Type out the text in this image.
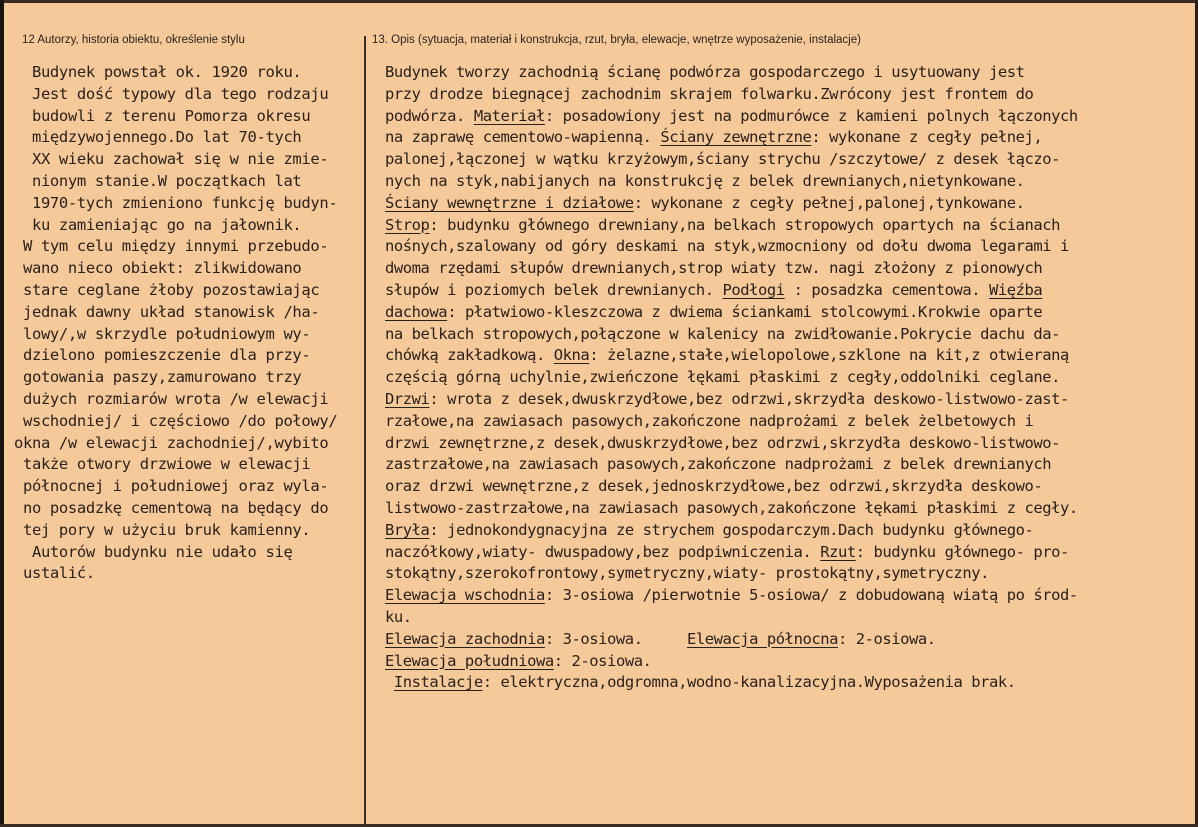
12 Autorzy, historia obiektu, określenie stylu	13. Opis (sytuacja, materiał i konstrukcja, rzut, bryła, elewacje, wnętrze wyposażenie, instalacje)
Budynek powstał ok. 1920 roku.
Jest dość typowy dla tego rodzaju
budowli z terenu Pomorza okresu
międzywojennego.Do lat 70-tych
XX wieku zachował się w nie zmie-
nionym stanie.W początkach lat
1970-tych zmieniono funkcję budyn-
ku zamieniając go na jałownik.
W tym celu między innymi przebudo-
wano nieco obiekt: zlikwidowano
stare ceglane żłoby pozostawiając
jednak dawny układ stanowisk /ha-
lowy/,w skrzydle południowym wy-
dzielono pomieszczenie dla przy-
gotowania paszy,zamurowano trzy
dużych rozmiarów wrota /w elewacji
wschodniej/ i częściowo /do połowy/
okna /w elewacji zachodniej/,wybito
także otwory drzwiowe w elewacji
północnej i południowej oraz wyla-
no posadzkę cementową na będący do
tej pory w użyciu bruk kamienny.
Autorów budynku nie udało się
ustalić.
Budynek tworzy zachodnią ścianę podwórza gospodarczego i usytuowany jest
przy drodze biegnącej zachodnim skrajem folwarku.Zwrócony jest frontem do
podwórza. Materiał: posadowiony jest na podmurówce z kamieni polnych łączonych
na zaprawę cementowo-wapienną. Ściany zewnętrzne: wykonane z cegły pełnej,
palonej,łączonej w wątku krzyżowym,ściany strychu /szczytowe/ z desek łączo-
nych na styk,nabijanych na konstrukcję z belek drewnianych,nietynkowane.
Ściany wewnętrzne i działowe: wykonane z cegły pełnej,palonej,tynkowane.
Strop: budynku głównego drewniany,na belkach stropowych opartych na ścianach
nośnych,szalowany od góry deskami na styk,wzmocniony od dołu dwoma legarami i
dwoma rzędami słupów drewnianych,strop wiaty tzw. nagi złożony z pionowych
słupów i poziomych belek drewnianych. Podłogi : posadzka cementowa. Więźba
dachowa: płatwiowo-kleszczowa z dwiema ściankami stolcowymi.Krokwie oparte
na belkach stropowych,połączone w kalenicy na zwidłowanie.Pokrycie dachu da-
chówką zakładkową. Okna: żelazne,stałe,wielopolowe,szklone na kit,z otwieraną
częścią górną uchylnie,zwieńczone łękami płaskimi z cegły,oddolniki ceglane.
Drzwi: wrota z desek,dwuskrzydłowe,bez odrzwi,skrzydła deskowo-listwowo-zast-
rzałowe,na zawiasach pasowych,zakończone nadprożami z belek żelbetowych i
drzwi zewnętrzne,z desek,dwuskrzydłowe,bez odrzwi,skrzydła deskowo-listwowo-
zastrzałowe,na zawiasach pasowych,zakończone nadprożami z belek drewnianych
oraz drzwi wewnętrzne,z desek,jednoskrzydłowe,bez odrzwi,skrzydła deskowo-
listwowo-zastrzałowe,na zawiasach pasowych,zakończone łękami płaskimi z cegły.
Bryła: jednokondygnacyjna ze strychem gospodarczym.Dach budynku głównego-
naczółkowy,wiaty- dwuspadowy,bez podpiwniczenia. Rzut: budynku głównego- pro-
stokątny,szerokofrontowy,symetryczny,wiaty- prostokątny,symetryczny.
Elewacja wschodnia: 3-osiowa /pierwotnie 5-osiowa/ z dobudowaną wiatą po środ-
ku.
Elewacja zachodnia: 3-osiowa.     Elewacja północna: 2-osiowa.
Elewacja południowa: 2-osiowa.
Instalacje: elektryczna,odgromna,wodno-kanalizacyjna.Wyposażenia brak.
